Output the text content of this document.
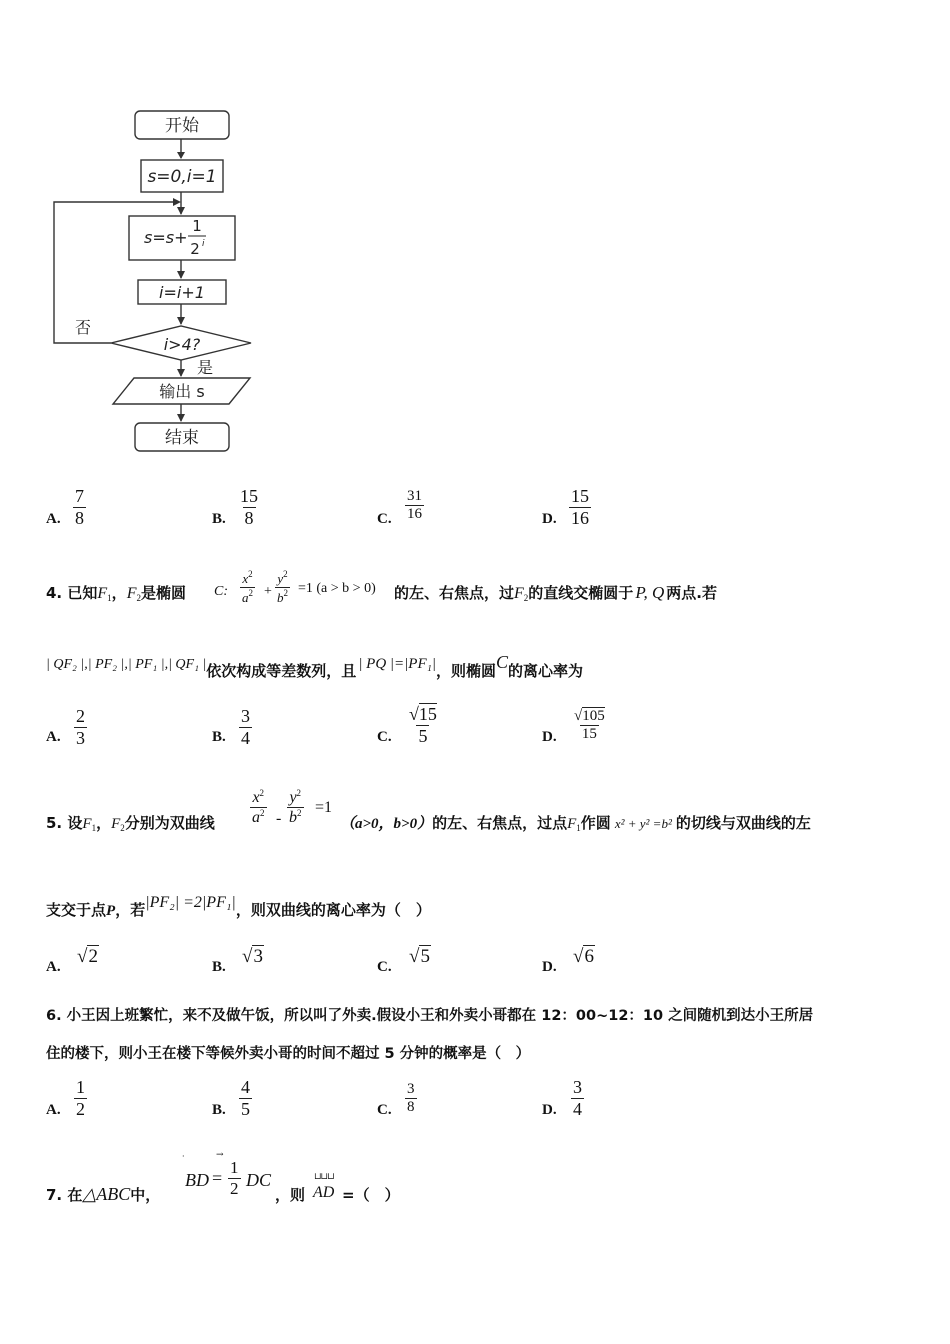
开始
s=0,i=1
s=s+
1
2 i
i=i+1
i>4?
否
是
输出 s
结束
A. $\frac{7}{8}$	B. $\frac{15}{8}$	C. $\frac{31}{16}$	D. $\frac{15}{16}$
4. 已知$F_1$，$F_2$是椭圆 C: $\frac{x^2}{a^2} + \frac{y^2}{b^2} =1$ (a > b > 0) 的左、右焦点，过$F_2$的直线交椭圆于 P, Q 两点.若
| QF₂ |,| PF₂ |,| PF₁ |,| QF₁ |依次构成等差数列，且 | PQ |=|PF₁|，则椭圆C的离心率为
A. $\frac{2}{3}$	B. $\frac{3}{4}$	C. $\frac{√15}{5}$	D. $\frac{√105}{15}$
5. 设$F_1$，$F_2$分别为双曲线 $\frac{x^2}{a^2} - \frac{y^2}{b^2} =1$
（a>0，b>0）的左、右焦点，过点$F_1$作圆 x² + y² =b² 的切线与双曲线的左
支交于点P，若|PF₂| =2|PF₁|，则双曲线的离心率为（　）
A. √2	B. √3	C. √5	D. √6
6. 小王因上班繁忙，来不及做午饭，所以叫了外卖.假设小王和外卖小哥都在 12：00~12：10 之间随机到达小王所居
住的楼下，则小王在楼下等候外卖小哥的时间不超过 5 分钟的概率是（　）
A. $\frac{1}{2}$	B. $\frac{4}{5}$	C. $\frac{3}{8}$	D. $\frac{3}{4}$
7. 在△ABC中，
·	→
BD = $\frac{1}{2}$ DC
，则
⊔⊔⊔
AD =（　）
